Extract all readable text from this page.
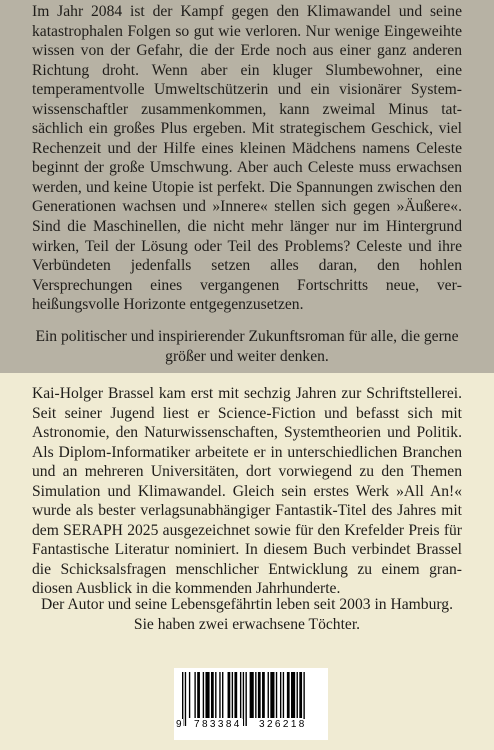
Im Jahr 2084 ist der Kampf gegen den Klimawandel und seine katastrophalen Folgen so gut wie verloren. Nur wenige Eingeweihte wissen von der Gefahr, die der Erde noch aus einer ganz anderen Richtung droht. Wenn aber ein kluger Slumbewohner, eine temperamentvolle Umweltschützerin und ein visionärer Systemwissenschaftler zusammenkommen, kann zweimal Minus tatsächlich ein großes Plus ergeben. Mit strategischem Geschick, viel Rechenzeit und der Hilfe eines kleinen Mädchens namens Celeste beginnt der große Umschwung. Aber auch Celeste muss erwachsen werden, und keine Utopie ist perfekt. Die Spannungen zwischen den Generationen wachsen und »Innere« stellen sich gegen »Äußere«. Sind die Maschinellen, die nicht mehr länger nur im Hintergrund wirken, Teil der Lösung oder Teil des Problems? Celeste und ihre Verbündeten jedenfalls setzen alles daran, den hohlen Versprechungen eines vergangenen Fortschritts neue, verheißungsvolle Horizonte entgegenzusetzen.

Ein politischer und inspirierender Zukunftsroman für alle, die gerne größer und weiter denken.

Kai-Holger Brassel kam erst mit sechzig Jahren zur Schriftstellerei. Seit seiner Jugend liest er Science-Fiction und befasst sich mit Astronomie, den Naturwissenschaften, Systemtheorien und Politik. Als Diplom-Informatiker arbeitete er in unterschiedlichen Branchen und an mehreren Universitäten, dort vorwiegend zu den Themen Simulation und Klimawandel. Gleich sein erstes Werk »All An!« wurde als bester verlagsunabhängiger Fantastik-Titel des Jahres mit dem SERAPH 2025 ausgezeichnet sowie für den Krefelder Preis für Fantastische Literatur nominiert. In diesem Buch verbindet Brassel die Schicksalsfragen menschlicher Entwicklung zu einem grandiosen Ausblick in die kommenden Jahrhunderte.

Der Autor und seine Lebensgefährtin leben seit 2003 in Hamburg. Sie haben zwei erwachsene Töchter.

9 783384 326218
